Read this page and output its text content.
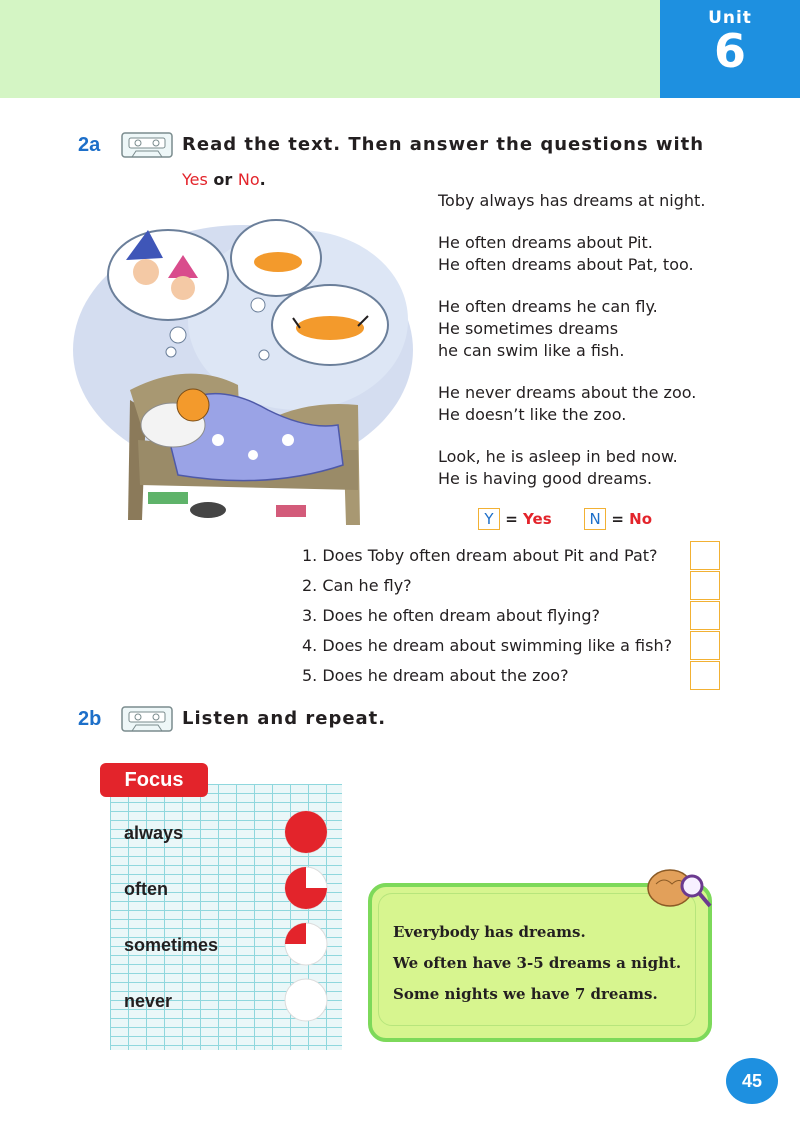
Unit
6
2a	Read the text. Then answer the questions with
Yes or No.
Toby always has dreams at night.
He often dreams about Pit.
He often dreams about Pat, too.
He often dreams he can fly.
He sometimes dreams
he can swim like a fish.
He never dreams about the zoo.
He doesn’t like the zoo.
Look, he is asleep in bed now.
He is having good dreams.
Y = Yes	N = No
1. Does Toby often dream about Pit and Pat?
2. Can he fly?
3. Does he often dream about flying?
4. Does he dream about swimming like a fish?
5. Does he dream about the zoo?
2b	Listen and repeat.
Focus
always
often
sometimes
never
Everybody has dreams.
We often have 3-5 dreams a night.
Some nights we have 7 dreams.
45
